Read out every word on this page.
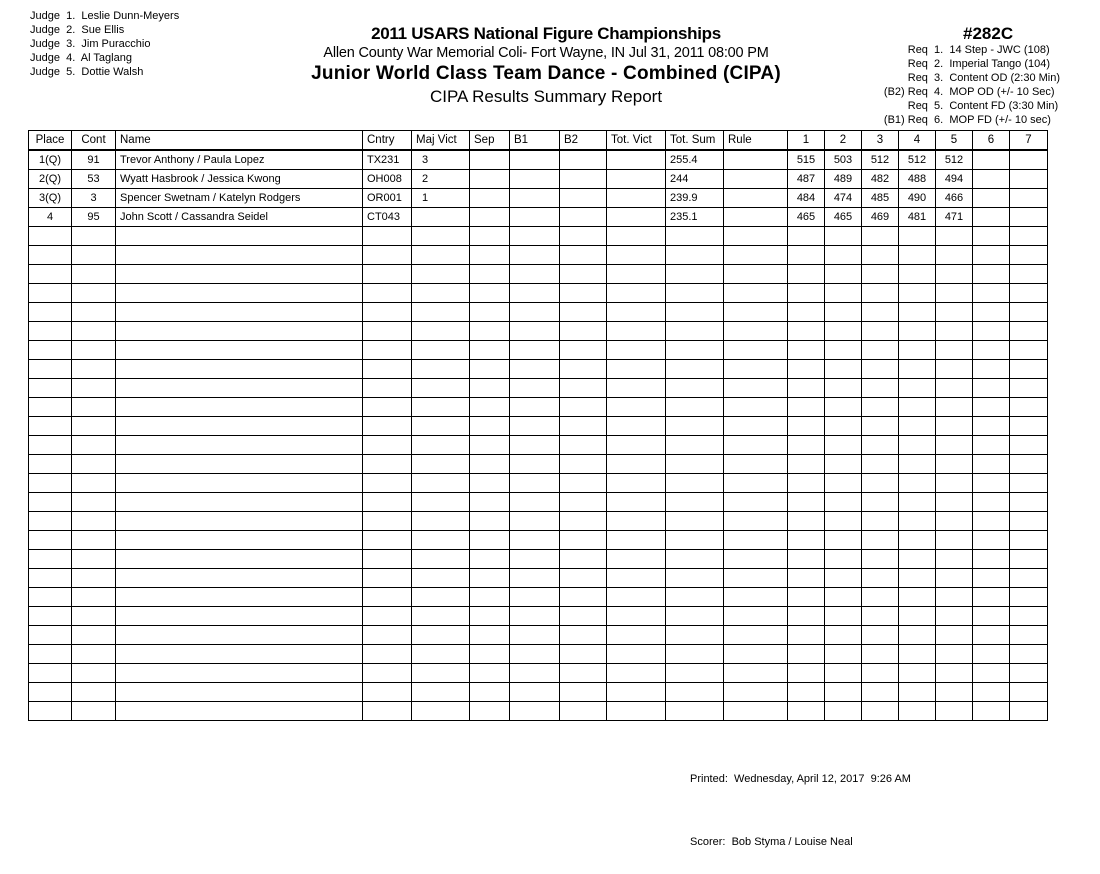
Judge  1. Leslie Dunn-Meyers
Judge  2. Sue Ellis
Judge  3. Jim Puracchio
Judge  4. Al Taglang
Judge  5. Dottie Walsh
2011 USARS National Figure Championships
Allen County War Memorial Coli- Fort Wayne, IN Jul 31, 2011 08:00 PM
Junior World Class Team Dance - Combined (CIPA)
CIPA Results Summary Report
#282C
Req  1. 14 Step - JWC (108)
Req  2. Imperial Tango (104)
Req  3. Content OD (2:30 Min)
(B2) Req  4. MOP OD (+/- 10 Sec)
Req  5. Content FD (3:30 Min)
(B1) Req  6. MOP FD (+/- 10 sec)
Place	Cont	Name	Cntry	Maj Vict	Sep	B1	B2	Tot. Vict	Tot. Sum	Rule	1	2	3	4	5	6	7
1(Q)	91	Trevor Anthony / Paula Lopez	TX231	3					255.4		515	503	512	512	512		
2(Q)	53	Wyatt Hasbrook / Jessica Kwong	OH008	2					244		487	489	482	488	494		
3(Q)	3	Spencer Swetnam / Katelyn Rodgers	OR001	1					239.9		484	474	485	490	466		
4	95	John Scott / Cassandra Seidel	CT043						235.1		465	465	469	481	471		

Printed:  Wednesday, April 12, 2017  9:26 AM

Scorer:  Bob Styma / Louise Neal
